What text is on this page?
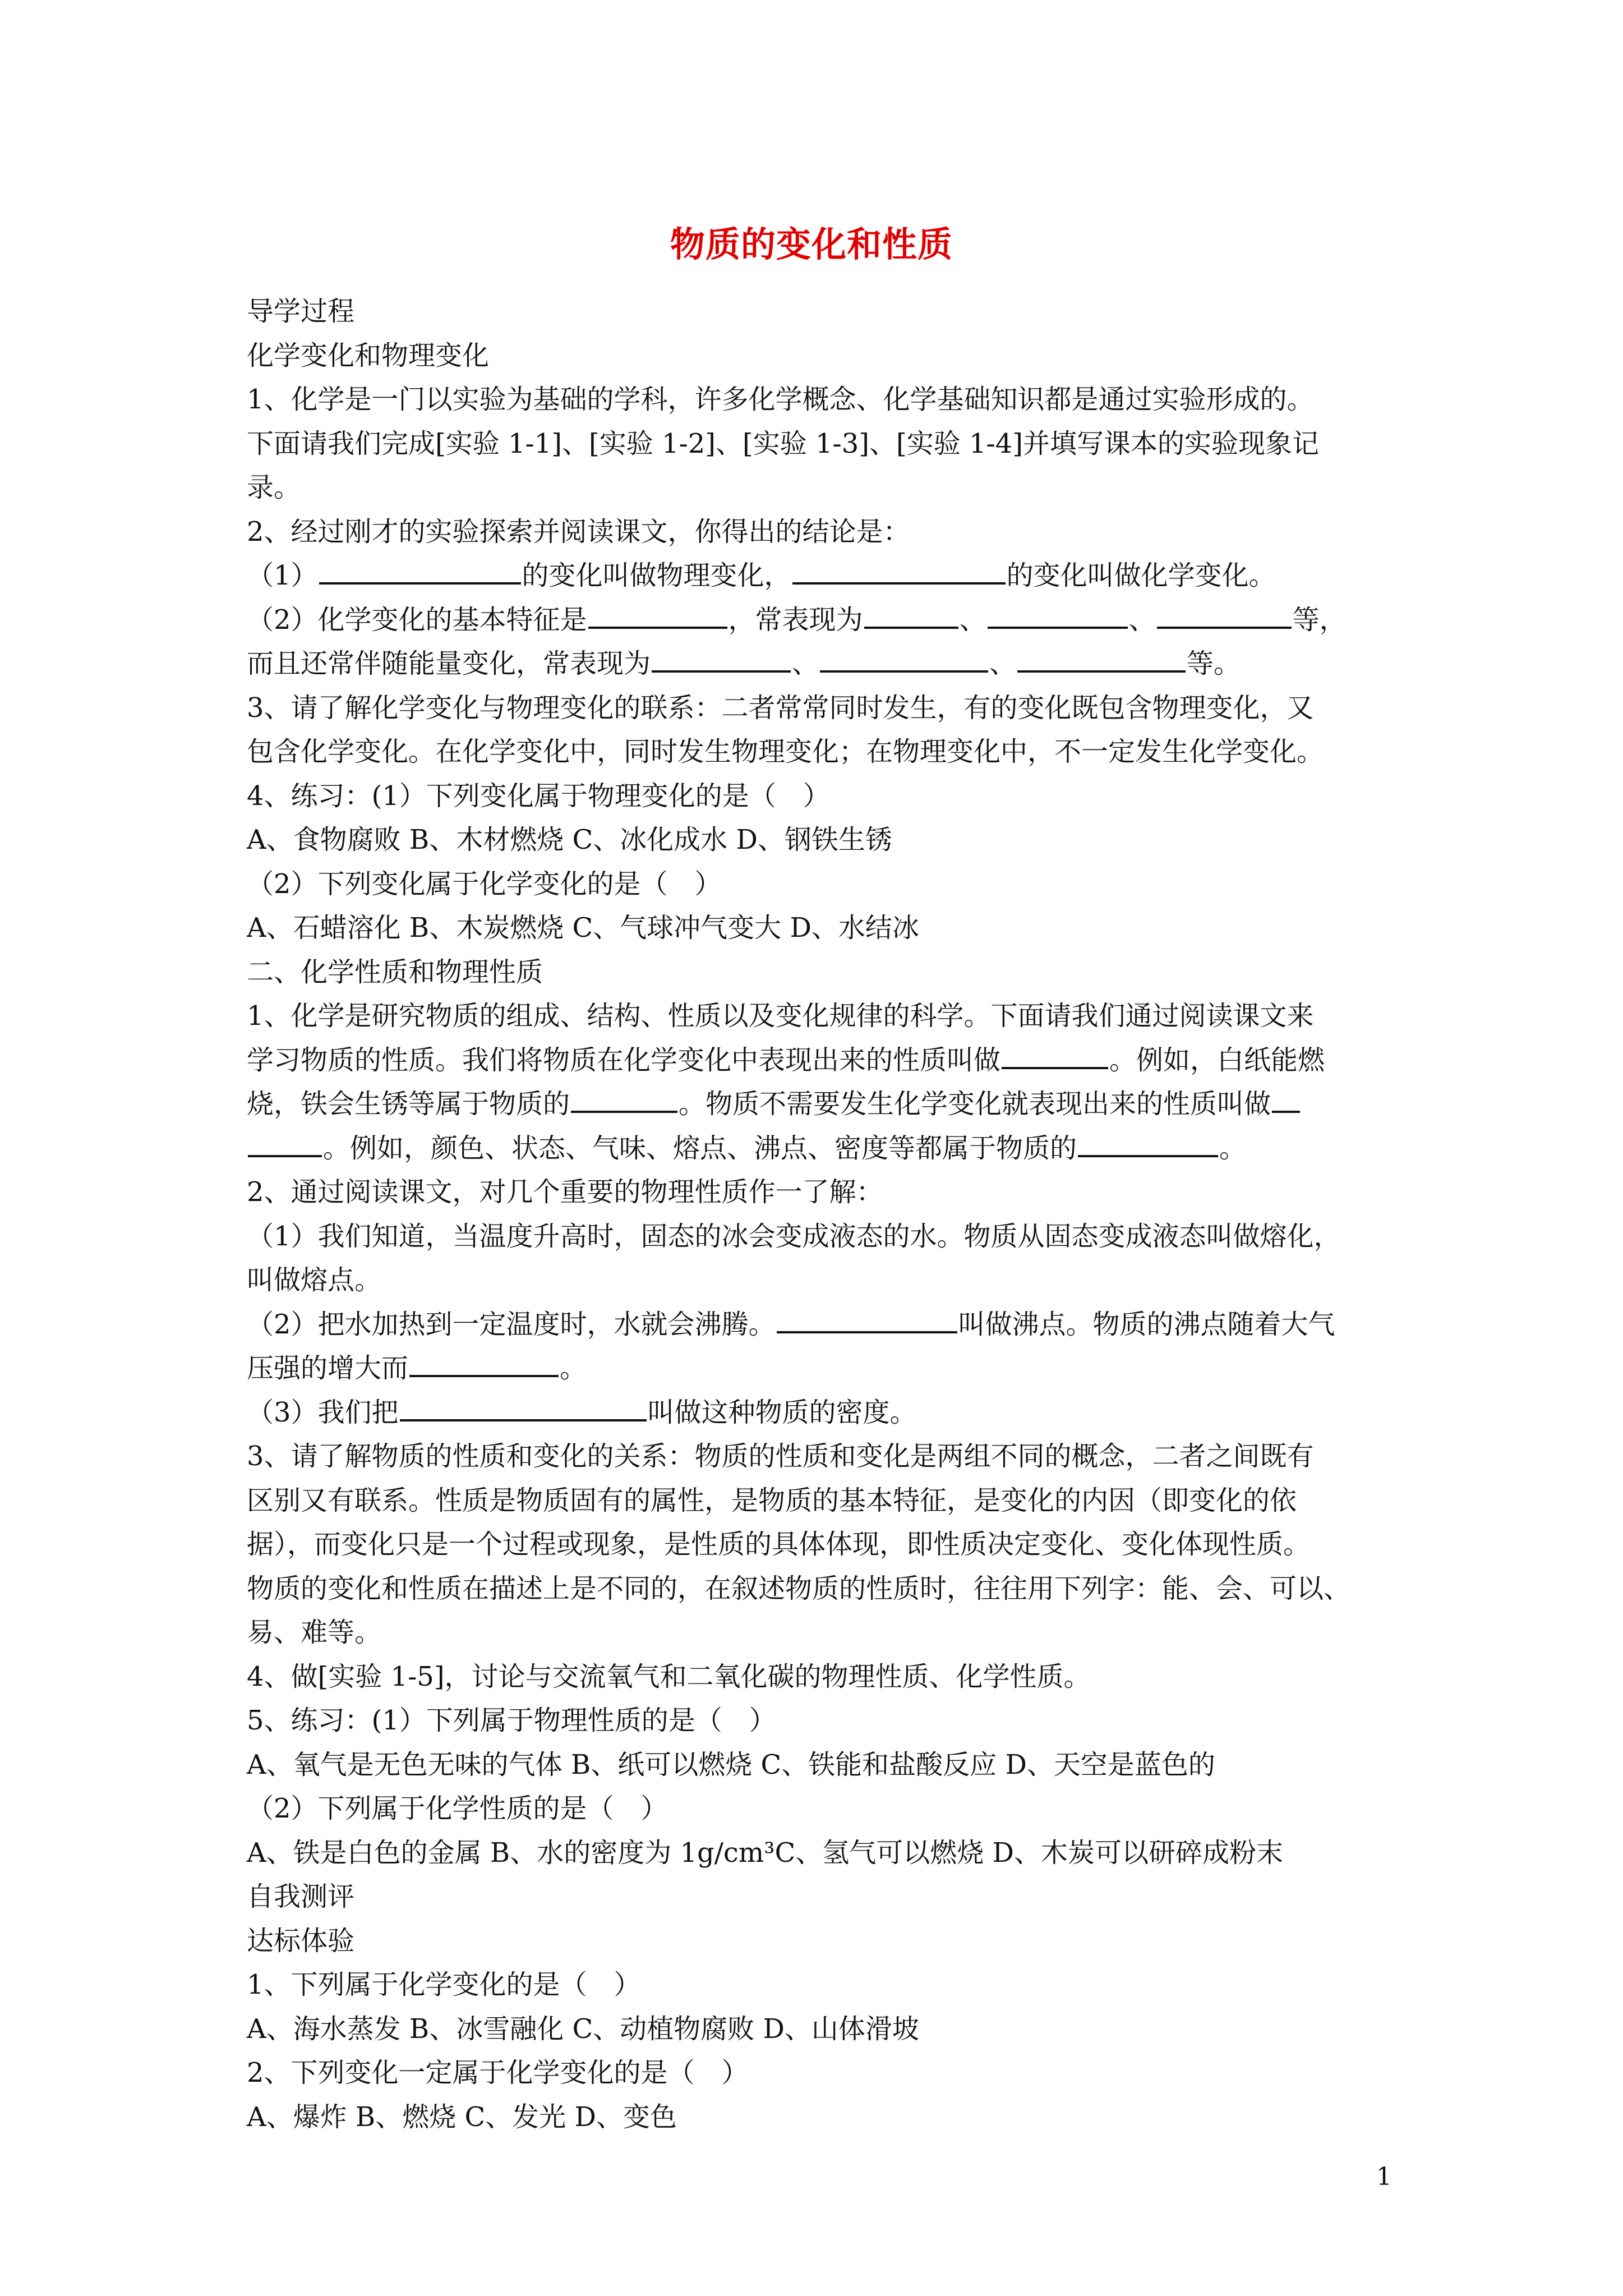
物质的变化和性质
导学过程
化学变化和物理变化
1、化学是一门以实验为基础的学科，许多化学概念、化学基础知识都是通过实验形成的。
下面请我们完成[实验 1-1]、[实验 1-2]、[实验 1-3]、[实验 1-4]并填写课本的实验现象记
录。
2、经过刚才的实验探索并阅读课文，你得出的结论是：
（1）	的变化叫做物理变化，	的变化叫做化学变化。
（2）化学变化的基本特征是	，常表现为	、	、	等，
而且还常伴随能量变化，常表现为	、	、	等。
3、请了解化学变化与物理变化的联系：二者常常同时发生，有的变化既包含物理变化，又
包含化学变化。在化学变化中，同时发生物理变化；在物理变化中，不一定发生化学变化。
4、练习：(1）下列变化属于物理变化的是（　）
A、食物腐败 B、木材燃烧 C、冰化成水 D、钢铁生锈
（2）下列变化属于化学变化的是（　）
A、石蜡溶化 B、木炭燃烧 C、气球冲气变大 D、水结冰
二、化学性质和物理性质
1、化学是研究物质的组成、结构、性质以及变化规律的科学。下面请我们通过阅读课文来
学习物质的性质。我们将物质在化学变化中表现出来的性质叫做	。例如，白纸能燃
烧，铁会生锈等属于物质的	。物质不需要发生化学变化就表现出来的性质叫做
。例如，颜色、状态、气味、熔点、沸点、密度等都属于物质的	。
2、通过阅读课文，对几个重要的物理性质作一了解：
（1）我们知道，当温度升高时，固态的冰会变成液态的水。物质从固态变成液态叫做熔化，
叫做熔点。
（2）把水加热到一定温度时，水就会沸腾。	叫做沸点。物质的沸点随着大气
压强的增大而	。
（3）我们把	叫做这种物质的密度。
3、请了解物质的性质和变化的关系：物质的性质和变化是两组不同的概念，二者之间既有
区别又有联系。性质是物质固有的属性，是物质的基本特征，是变化的内因（即变化的依
据），而变化只是一个过程或现象，是性质的具体体现，即性质决定变化、变化体现性质。
物质的变化和性质在描述上是不同的，在叙述物质的性质时，往往用下列字：能、会、可以、
易、难等。
4、做[实验 1-5]，讨论与交流氧气和二氧化碳的物理性质、化学性质。
5、练习：(1）下列属于物理性质的是（　）
A、氧气是无色无味的气体 B、纸可以燃烧 C、铁能和盐酸反应 D、天空是蓝色的
（2）下列属于化学性质的是（　）
A、铁是白色的金属 B、水的密度为 1g/cm³C、氢气可以燃烧 D、木炭可以研碎成粉末
自我测评
达标体验
1、下列属于化学变化的是（　）
A、海水蒸发 B、冰雪融化 C、动植物腐败 D、山体滑坡
2、下列变化一定属于化学变化的是（　）
A、爆炸 B、燃烧 C、发光 D、变色
1
